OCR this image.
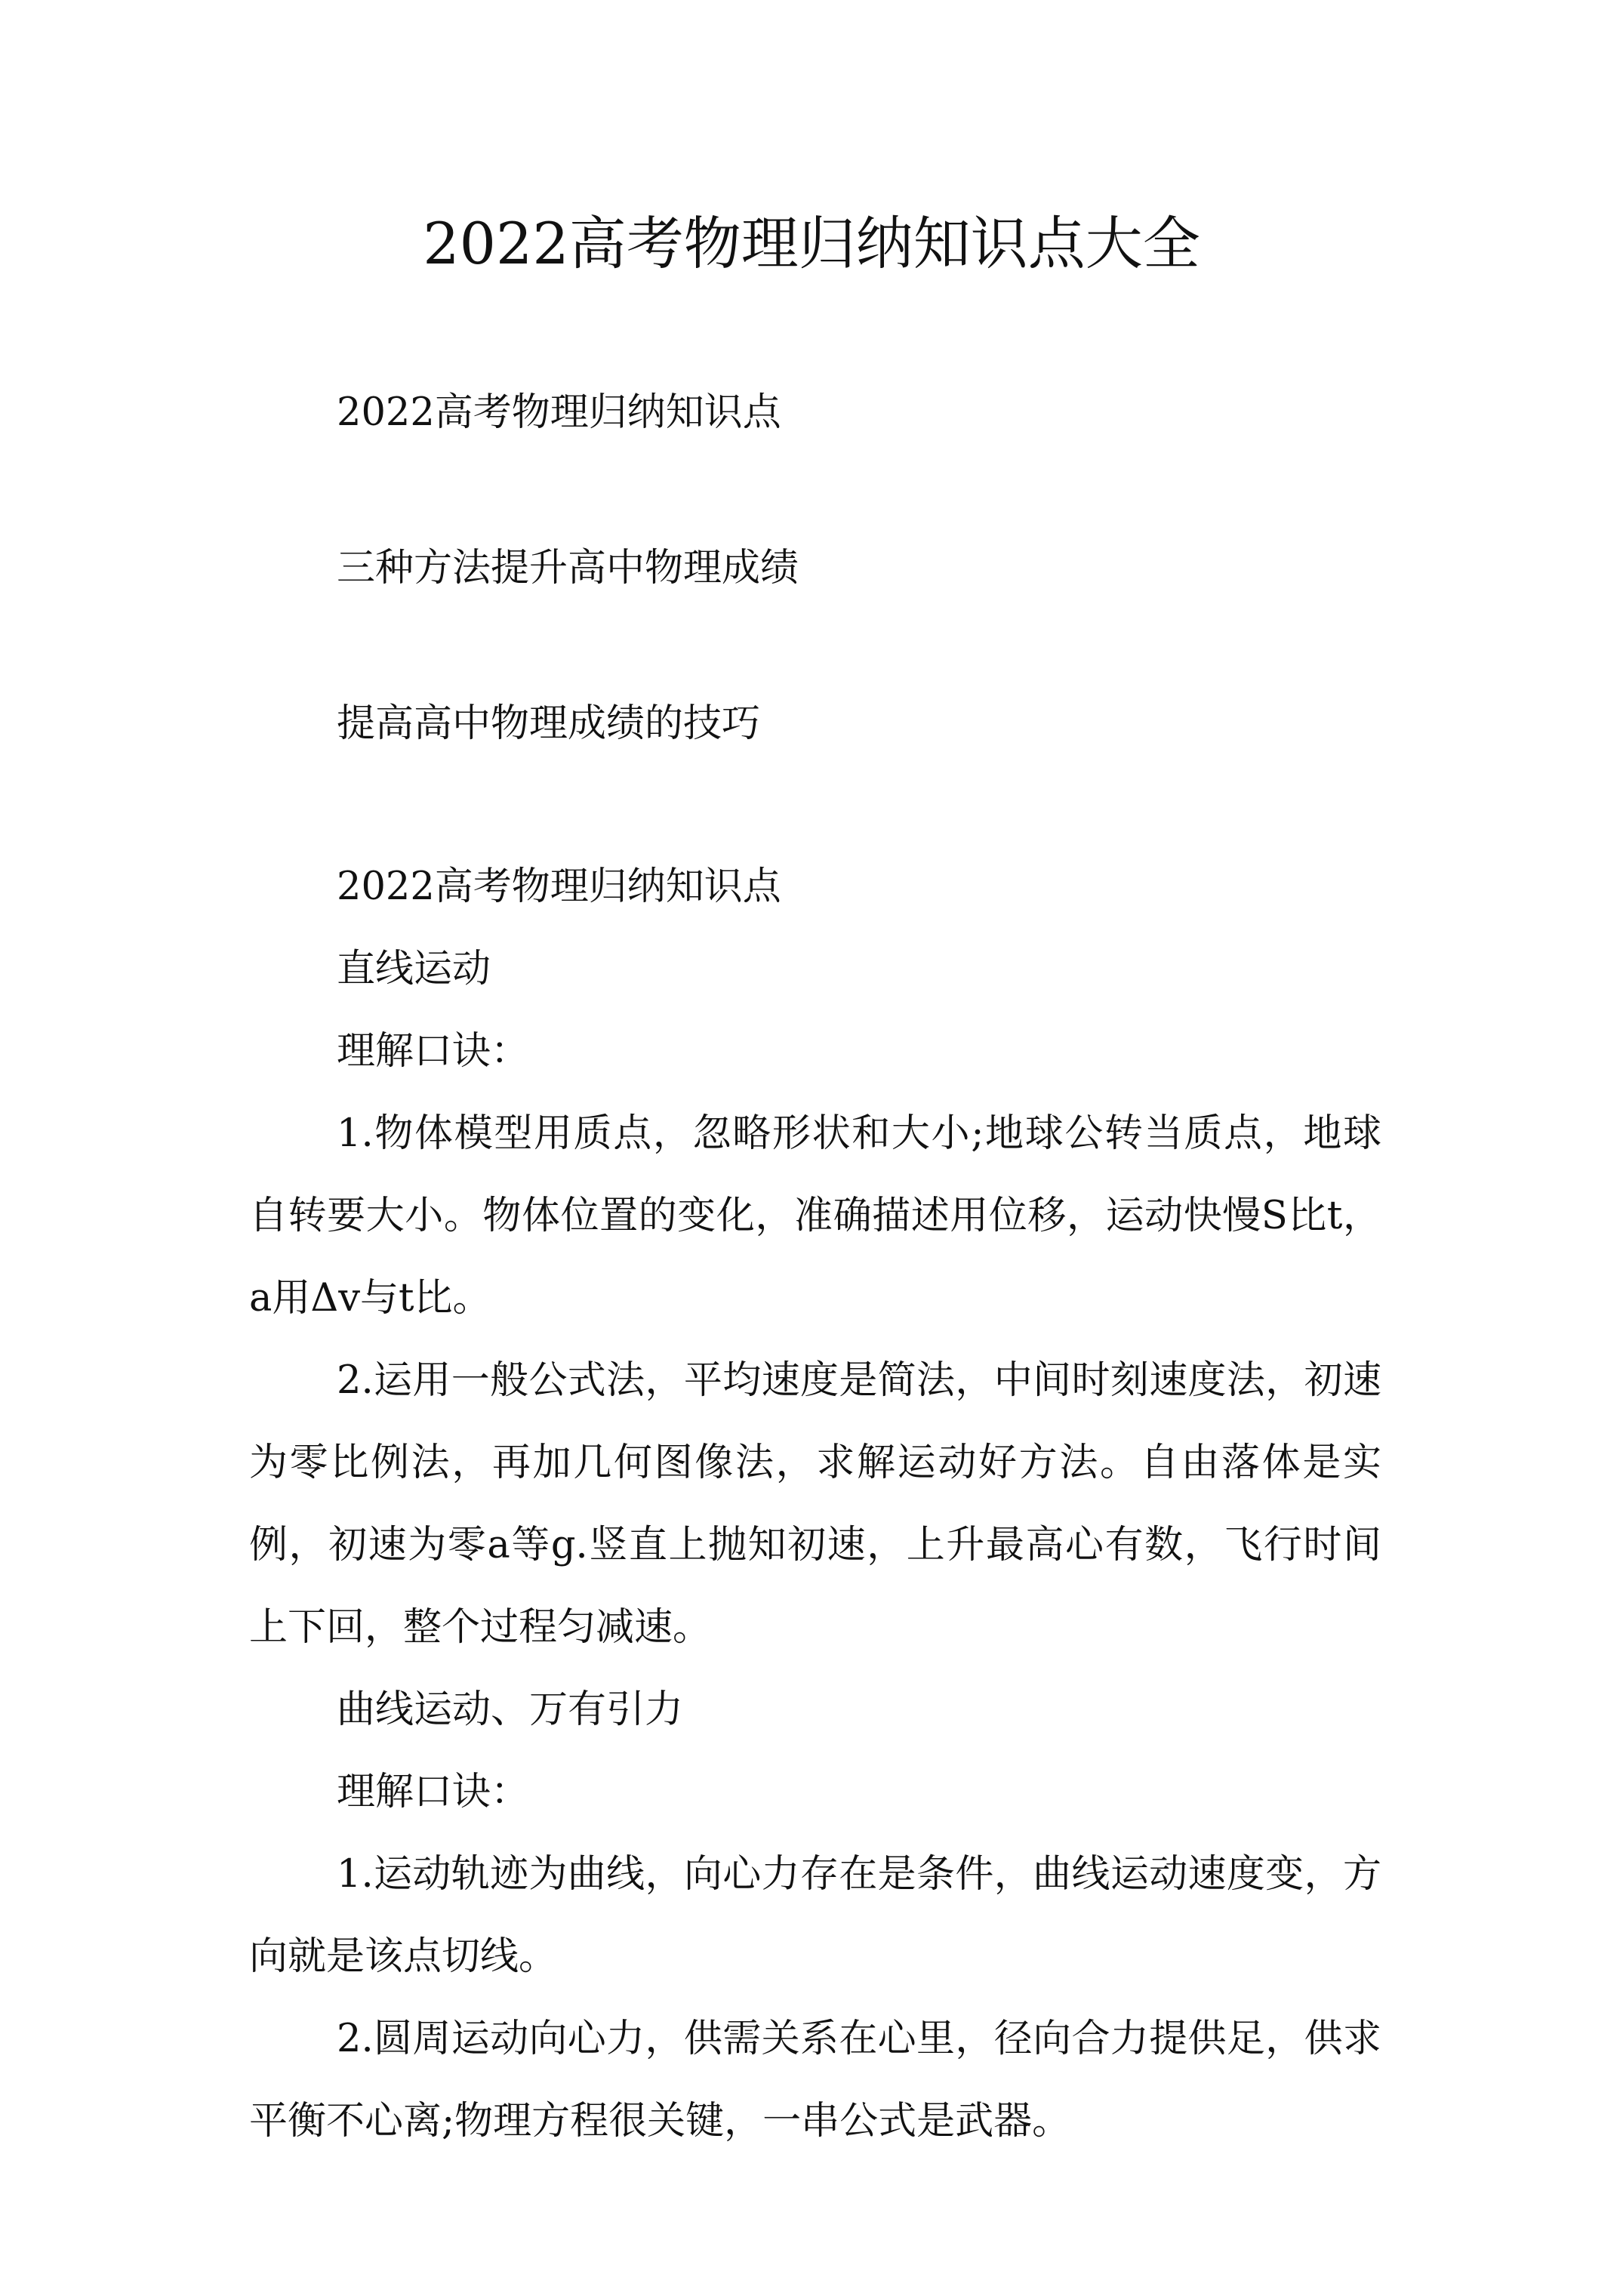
2022高考物理归纳知识点大全
2022高考物理归纳知识点
三种方法提升高中物理成绩
提高高中物理成绩的技巧

2022高考物理归纳知识点

直线运动

理解口诀：

1.物体模型用质点，忽略形状和大小;地球公转当质点，地球自转要大小。物体位置的变化，准确描述用位移，运动快慢S比t，a用Δv与t比。

2.运用一般公式法，平均速度是简法，中间时刻速度法，初速为零比例法，再加几何图像法，求解运动好方法。自由落体是实例，初速为零a等g.竖直上抛知初速，上升最高心有数，飞行时间上下回，整个过程匀减速。

曲线运动、万有引力

理解口诀：

1.运动轨迹为曲线，向心力存在是条件，曲线运动速度变，方向就是该点切线。

2.圆周运动向心力，供需关系在心里，径向合力提供足，供求平衡不心离;物理方程很关键，一串公式是武器。
